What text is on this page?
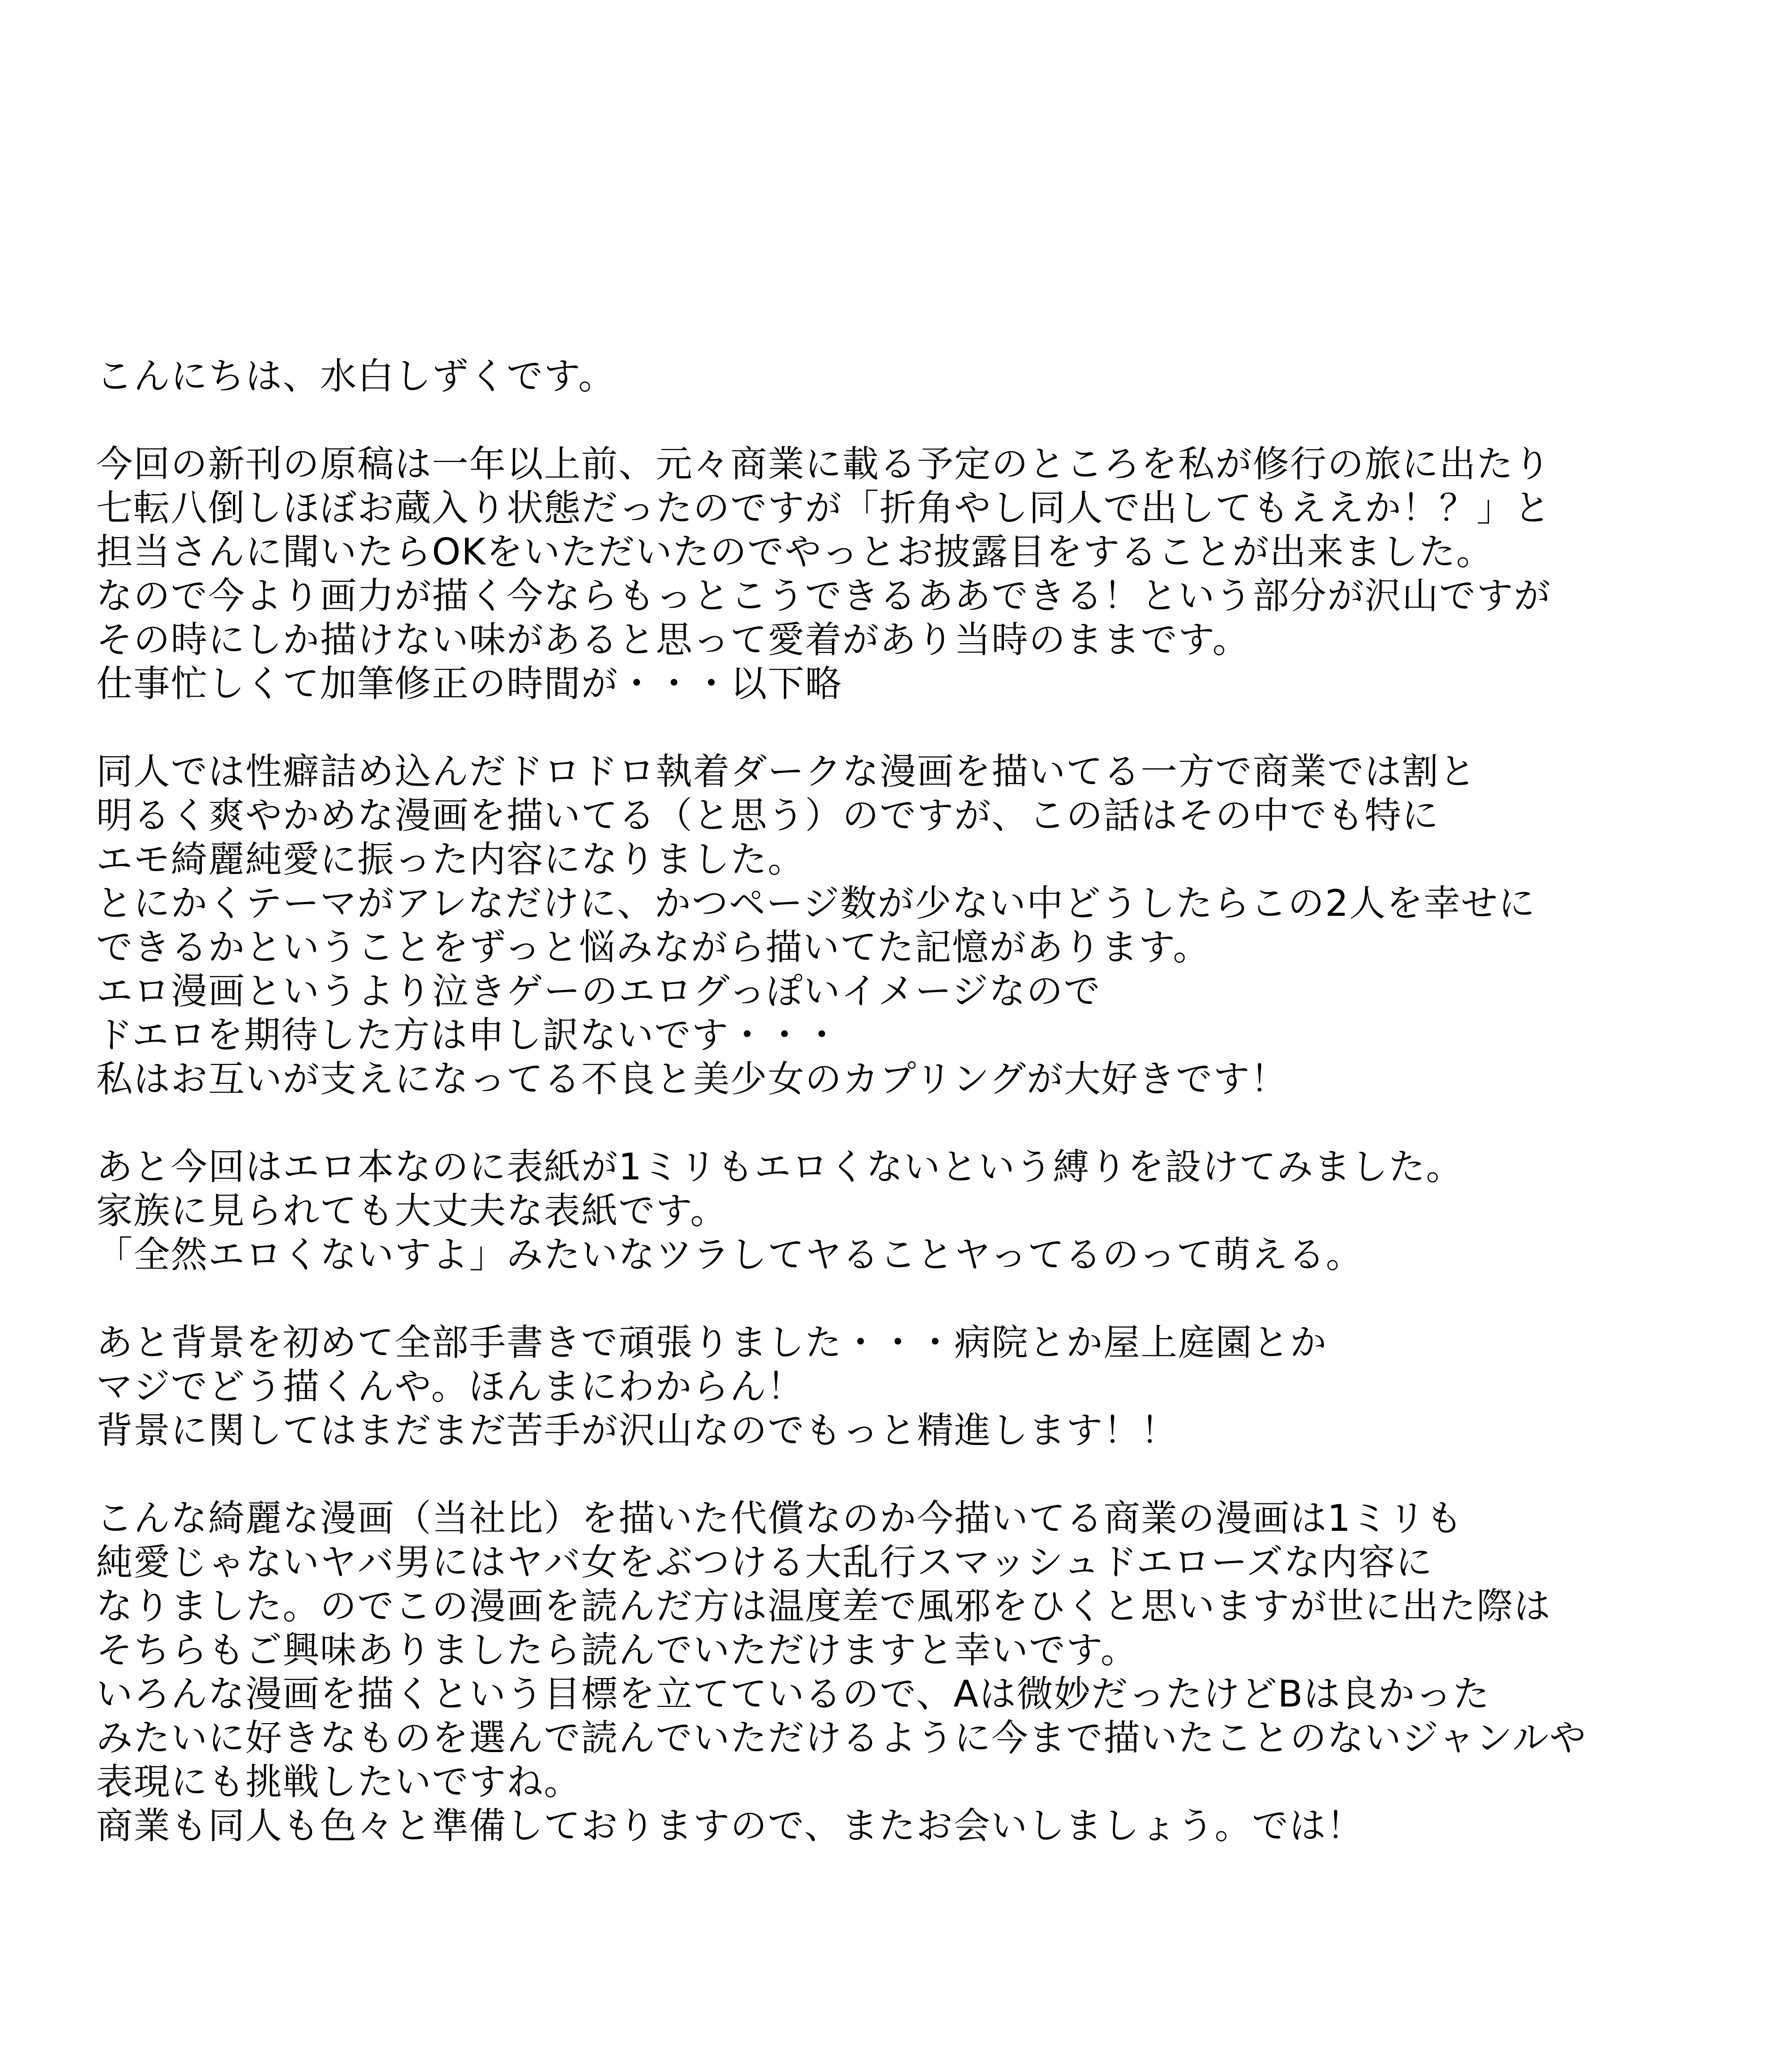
こんにちは、水白しずくです。
今回の新刊の原稿は一年以上前、元々商業に載る予定のところを私が修行の旅に出たり
七転八倒しほぼお蔵入り状態だったのですが「折角やし同人で出してもええか！？」と
担当さんに聞いたらOKをいただいたのでやっとお披露目をすることが出来ました。
なので今より画力が描く今ならもっとこうできるああできる！という部分が沢山ですが
その時にしか描けない味があると思って愛着があり当時のままです。
仕事忙しくて加筆修正の時間が・・・以下略
同人では性癖詰め込んだドロドロ執着ダークな漫画を描いてる一方で商業では割と
明るく爽やかめな漫画を描いてる（と思う）のですが、この話はその中でも特に
エモ綺麗純愛に振った内容になりました。
とにかくテーマがアレなだけに、かつページ数が少ない中どうしたらこの2人を幸せに
できるかということをずっと悩みながら描いてた記憶があります。
エロ漫画というより泣きゲーのエログっぽいイメージなので
ドエロを期待した方は申し訳ないです・・・
私はお互いが支えになってる不良と美少女のカプリングが大好きです！
あと今回はエロ本なのに表紙が1ミリもエロくないという縛りを設けてみました。
家族に見られても大丈夫な表紙です。
「全然エロくないすよ」みたいなツラしてヤることヤってるのって萌える。
あと背景を初めて全部手書きで頑張りました・・・病院とか屋上庭園とか
マジでどう描くんや。ほんまにわからん！
背景に関してはまだまだ苦手が沢山なのでもっと精進します！！
こんな綺麗な漫画（当社比）を描いた代償なのか今描いてる商業の漫画は1ミリも
純愛じゃないヤバ男にはヤバ女をぶつける大乱行スマッシュドエローズな内容に
なりました。のでこの漫画を読んだ方は温度差で風邪をひくと思いますが世に出た際は
そちらもご興味ありましたら読んでいただけますと幸いです。
いろんな漫画を描くという目標を立てているので、Aは微妙だったけどBは良かった
みたいに好きなものを選んで読んでいただけるように今まで描いたことのないジャンルや
表現にも挑戦したいですね。
商業も同人も色々と準備しておりますので、またお会いしましょう。では！
